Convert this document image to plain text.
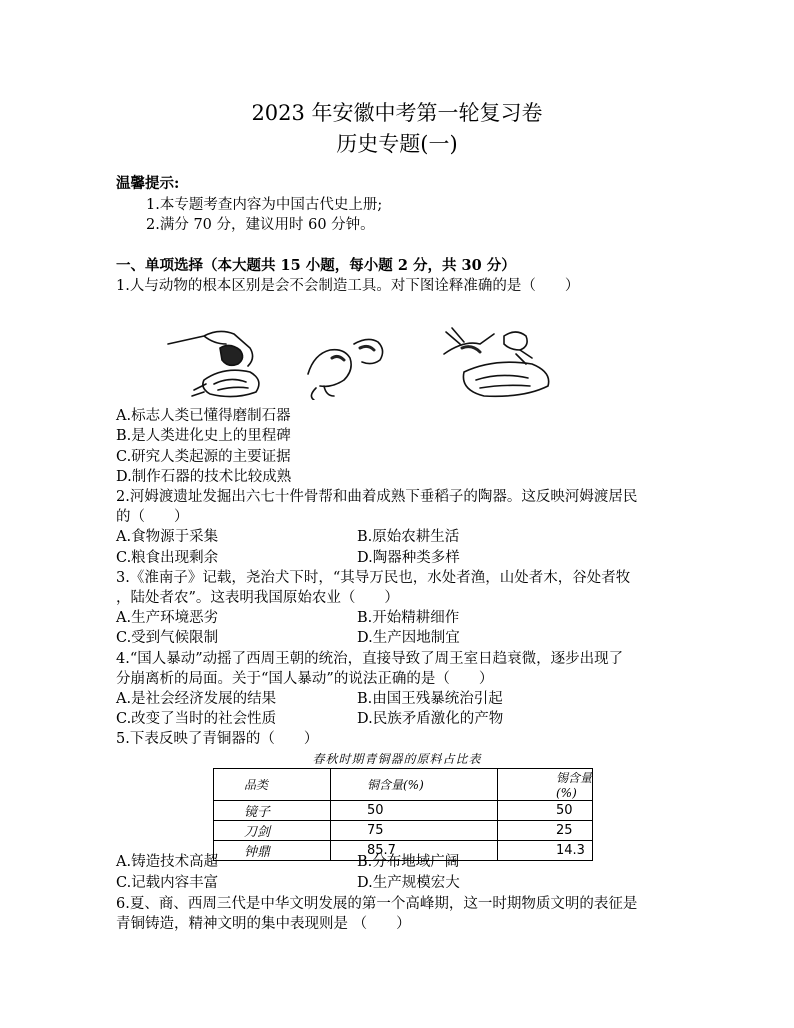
2023 年安徽中考第一轮复习卷
历史专题(一)
温馨提示:
1.本专题考查内容为中国古代史上册;
2.满分 70 分，建议用时 60 分钟。
一、单项选择（本大题共 15 小题，每小题 2 分，共 30 分）
1.人与动物的根本区别是会不会制造工具。对下图诠释准确的是（　　）
A.标志人类已懂得磨制石器
B.是人类进化史上的里程碑
C.研究人类起源的主要证据
D.制作石器的技术比较成熟
2.河姆渡遗址发掘出六七十件骨帮和曲着成熟下垂稻子的陶器。这反映河姆渡居民
的（　　）
A.食物源于采集	B.原始农耕生活
C.粮食出现剩余	D.陶器种类多样
3.《淮南子》记载，尧治犬下时，“其导万民也，水处者渔，山处者木，谷处者牧
，陆处者农”。这表明我国原始农业（　　）
A.生产环境恶劣	B.开始精耕细作
C.受到气候限制	D.生产因地制宜
4.“国人暴动”动摇了西周王朝的统治，直接导致了周王室日趋衰微，逐步出现了
分崩离析的局面。关于“国人暴动”的说法正确的是（　　）
A.是社会经济发展的结果	B.由国王残暴统治引起
C.改变了当时的社会性质	D.民族矛盾激化的产物
5.下表反映了青铜器的（　　）
春秋时期青铜器的原料占比表
品类	铜含量(%)	锡含量(%)
镜子	50	50
刀剑	75	25
钟鼎	85.7	14.3
A.铸造技术高超	B.分布地域广阔
C.记载内容丰富	D.生产规模宏大
6.夏、商、西周三代是中华文明发展的第一个高峰期，这一时期物质文明的表征是
青铜铸造，精神文明的集中表现则是 （　　）
